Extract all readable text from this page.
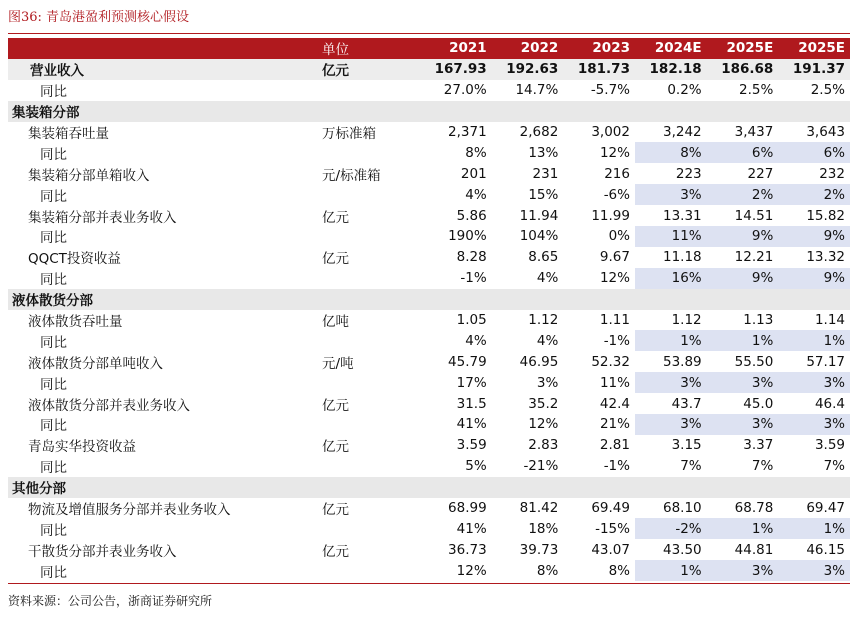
图36: 青岛港盈利预测核心假设
	单位	2021	2022	2023	2024E	2025E	2025E
营业收入	亿元	167.93	192.63	181.73	182.18	186.68	191.37
同比		27.0%	14.7%	-5.7%	0.2%	2.5%	2.5%
集装箱分部							
集装箱吞吐量	万标准箱	2,371	2,682	3,002	3,242	3,437	3,643
同比		8%	13%	12%	8%	6%	6%
集装箱分部单箱收入	元/标准箱	201	231	216	223	227	232
同比		4%	15%	-6%	3%	2%	2%
集装箱分部并表业务收入	亿元	5.86	11.94	11.99	13.31	14.51	15.82
同比		190%	104%	0%	11%	9%	9%
QQCT投资收益	亿元	8.28	8.65	9.67	11.18	12.21	13.32
同比		-1%	4%	12%	16%	9%	9%
液体散货分部							
液体散货吞吐量	亿吨	1.05	1.12	1.11	1.12	1.13	1.14
同比		4%	4%	-1%	1%	1%	1%
液体散货分部单吨收入	元/吨	45.79	46.95	52.32	53.89	55.50	57.17
同比		17%	3%	11%	3%	3%	3%
液体散货分部并表业务收入	亿元	31.5	35.2	42.4	43.7	45.0	46.4
同比		41%	12%	21%	3%	3%	3%
青岛实华投资收益	亿元	3.59	2.83	2.81	3.15	3.37	3.59
同比		5%	-21%	-1%	7%	7%	7%
其他分部							
物流及增值服务分部并表业务收入	亿元	68.99	81.42	69.49	68.10	68.78	69.47
同比		41%	18%	-15%	-2%	1%	1%
干散货分部并表业务收入	亿元	36.73	39.73	43.07	43.50	44.81	46.15
同比		12%	8%	8%	1%	3%	3%
资料来源：公司公告，浙商证券研究所
